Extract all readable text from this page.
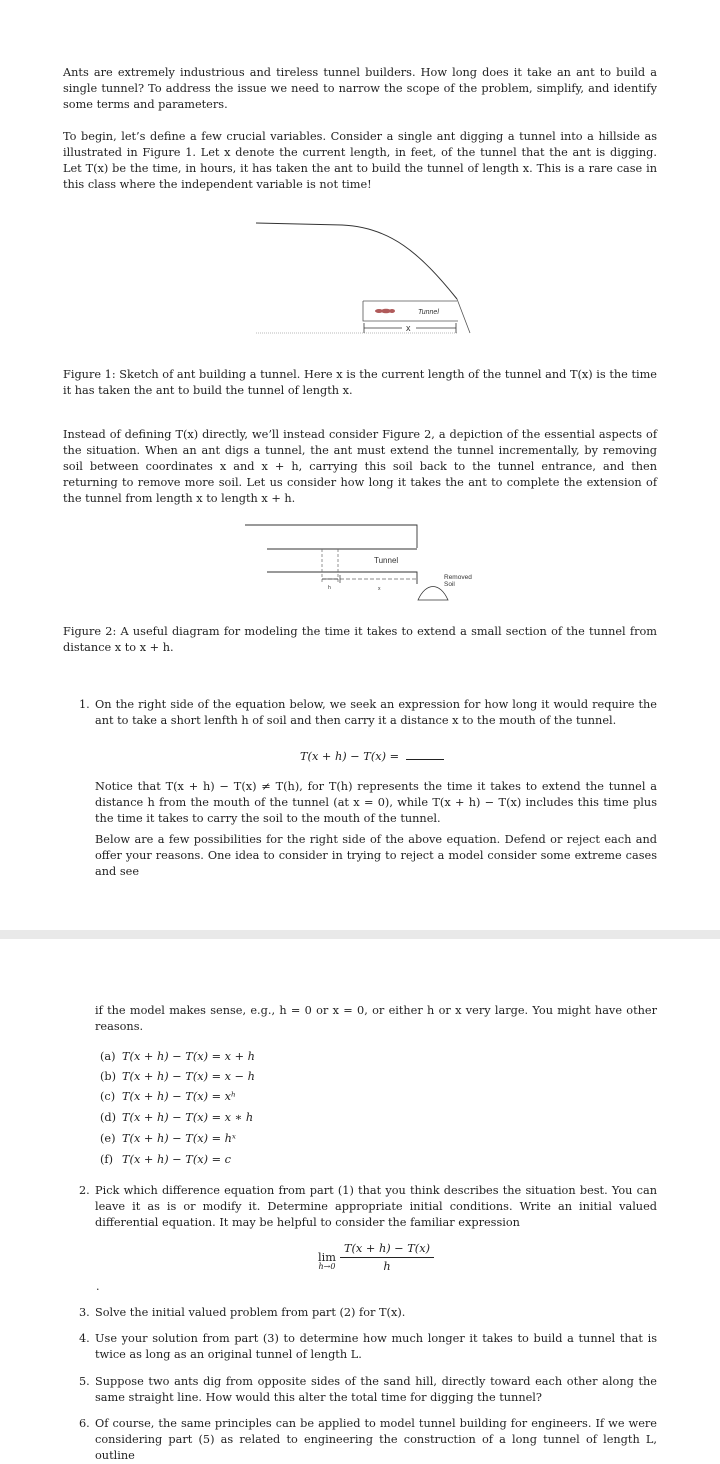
Ants are extremely industrious and tireless tunnel builders. How long does it take an ant to build a single tunnel? To address the issue we need to narrow the scope of the problem, simplify, and identify some terms and parameters.

To begin, let’s define a few crucial variables. Consider a single ant digging a tunnel into a hillside as illustrated in Figure 1. Let x denote the current length, in feet, of the tunnel that the ant is digging. Let T(x) be the time, in hours, it has taken the ant to build the tunnel of length x. This is a rare case in this class where the independent variable is not time!

Tunnel
x

Figure 1: Sketch of ant building a tunnel. Here x is the current length of the tunnel and T(x) is the time it has taken the ant to build the tunnel of length x.

Instead of defining T(x) directly, we’ll instead consider Figure 2, a depiction of the essential aspects of the situation. When an ant digs a tunnel, the ant must extend the tunnel incrementally, by removing soil between coordinates x and x + h, carrying this soil back to the tunnel entrance, and then returning to remove more soil. Let us consider how long it takes the ant to complete the extension of the tunnel from length x to length x + h.

Tunnel
h	x
Removed
Soil

Figure 2: A useful diagram for modeling the time it takes to extend a small section of the tunnel from distance x to x + h.

1. On the right side of the equation below, we seek an expression for how long it would require the ant to take a short lenfth h of soil and then carry it a distance x to the mouth of the tunnel.

T(x + h) − T(x) =

Notice that T(x + h) − T(x) ≠ T(h), for T(h) represents the time it takes to extend the tunnel a distance h from the mouth of the tunnel (at x = 0), while T(x + h) − T(x) includes this time plus the time it takes to carry the soil to the mouth of the tunnel.

Below are a few possibilities for the right side of the above equation. Defend or reject each and offer your reasons. One idea to consider in trying to reject a model consider some extreme cases and see

if the model makes sense, e.g., h = 0 or x = 0, or either h or x very large. You might have other reasons.

(a) T(x + h) − T(x) = x + h
(b) T(x + h) − T(x) = x − h
(c) T(x + h) − T(x) = xʰ
(d) T(x + h) − T(x) = x ∗ h
(e) T(x + h) − T(x) = hˣ
(f) T(x + h) − T(x) = c
2. Pick which difference equation from part (1) that you think describes the situation best. You can leave it as is or modify it. Determine appropriate initial conditions. Write an initial valued differential equation. It may be helpful to consider the familiar expression

lim
$h\to 0 \frac{T(x + h) - T(x)}{h}$
.
3. Solve the initial valued problem from part (2) for T(x).

4. Use your solution from part (3) to determine how much longer it takes to build a tunnel that is twice as long as an original tunnel of length L.

5. Suppose two ants dig from opposite sides of the sand hill, directly toward each other along the same straight line. How would this alter the total time for digging the tunnel?

6. Of course, the same principles can be applied to model tunnel building for engineers. If we were considering part (5) as related to engineering the construction of a long tunnel of length L, outline
